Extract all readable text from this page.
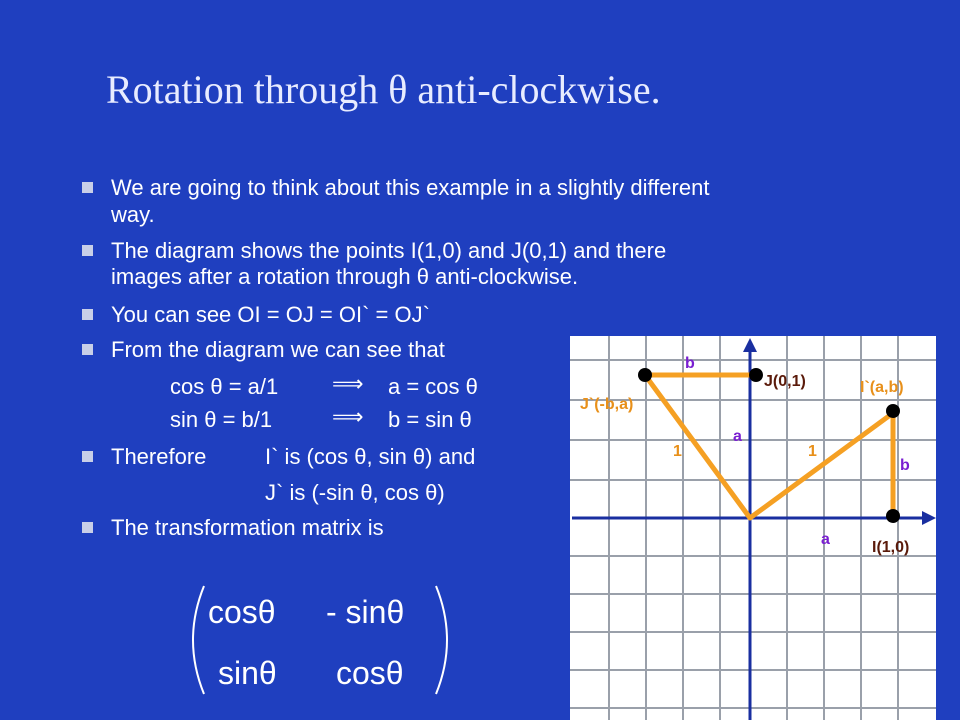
Rotation through θ anti-clockwise.
We are going to think about this example in a slightly different
way.
The diagram shows the points I(1,0) and J(0,1) and there
images after a rotation through θ anti-clockwise.
You can see OI = OJ = OI` = OJ`
From the diagram we can see that
cos θ = a/1 ⟹ a = cos θ
sin θ = b/1	⟹ b = sin θ
Therefore	I` is (cos θ, sin θ) and
J` is (-sin θ, cos θ)
The transformation matrix is
b
J(0,1)	I`(a,b)
J`(-b,a)
a
1	1
b
a	I(1,0)
cosθ - sinθ
sinθ cosθ
